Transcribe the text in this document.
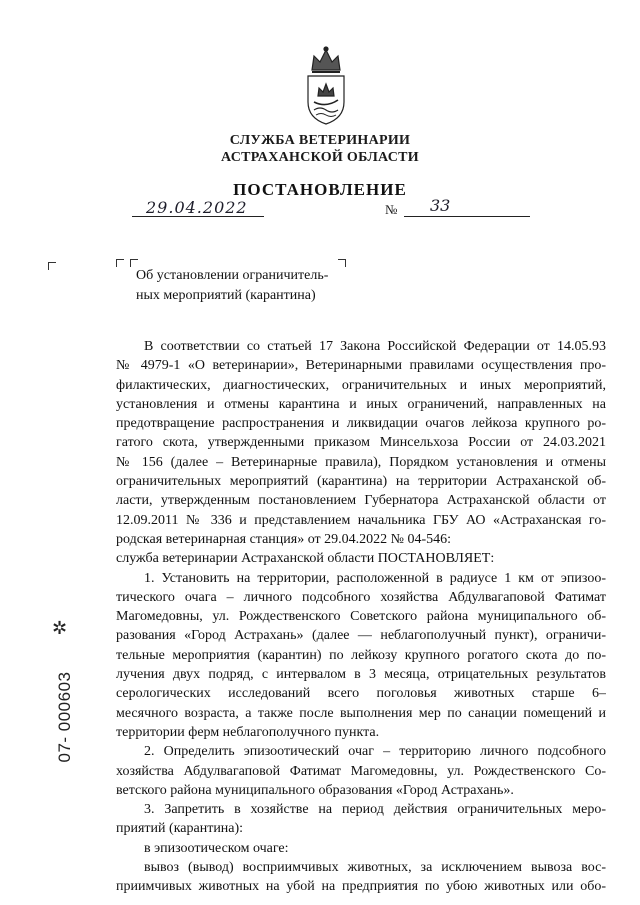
СЛУЖБА ВЕТЕРИНАРИИ
АСТРАХАНСКОЙ ОБЛАСТИ
ПОСТАНОВЛЕНИЕ
29.04.2022	№ 33
Об установлении ограничитель-
ных мероприятий (карантина)
В соответствии со статьей 17 Закона Российской Федерации от 14.05.93
№ 4979-1 «О ветеринарии», Ветеринарными правилами осуществления про-
филактических, диагностических, ограничительных и иных мероприятий,
установления и отмены карантина и иных ограничений, направленных на
предотвращение распространения и ликвидации очагов лейкоза крупного ро-
гатого скота, утвержденными приказом Минсельхоза России от 24.03.2021
№ 156 (далее – Ветеринарные правила), Порядком установления и отмены
ограничительных мероприятий (карантина) на территории Астраханской об-
ласти, утвержденным постановлением Губернатора Астраханской области от
12.09.2011 № 336 и представлением начальника ГБУ АО «Астраханская го-
родская ветеринарная станция» от 29.04.2022 № 04-546:
служба ветеринарии Астраханской области ПОСТАНОВЛЯЕТ:
1. Установить на территории, расположенной в радиусе 1 км от эпизоо-
тического очага – личного подсобного хозяйства Абдулвагаповой Фатимат
Магомедовны, ул. Рождественского Советского района муниципального об-
разования «Город Астрахань» (далее — неблагополучный пункт), ограничи-
тельные мероприятия (карантин) по лейкозу крупного рогатого скота до по-
лучения двух подряд, с интервалом в 3 месяца, отрицательных результатов
серологических исследований всего поголовья животных старше 6–
месячного возраста, а также после выполнения мер по санации помещений и
территории ферм неблагополучного пункта.
2. Определить эпизоотический очаг – территорию личного подсобного
хозяйства Абдулвагаповой Фатимат Магомедовны, ул. Рождественского Со-
ветского района муниципального образования «Город Астрахань».
3. Запретить в хозяйстве на период действия ограничительных меро-
приятий (карантина):
в эпизоотическом очаге:
вывоз (вывод) восприимчивых животных, за исключением вывоза вос-
приимчивых животных на убой на предприятия по убою животных или обо-
✲
07- 000603
